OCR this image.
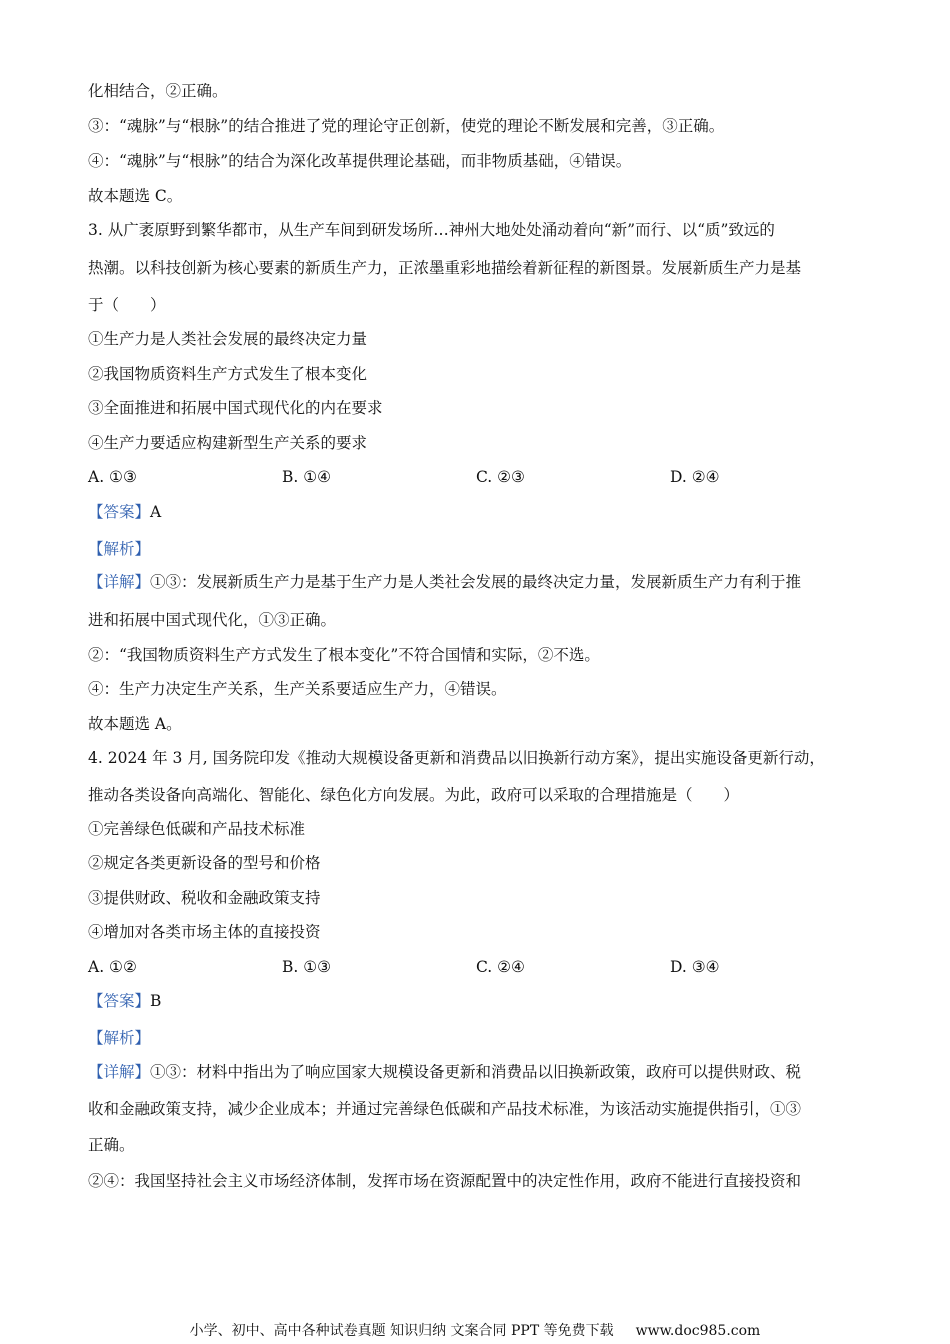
化相结合，②正确。
③：“魂脉”与“根脉”的结合推进了党的理论守正创新，使党的理论不断发展和完善，③正确。
④：“魂脉”与“根脉”的结合为深化改革提供理论基础，而非物质基础，④错误。
故本题选 C。
3. 从广袤原野到繁华都市，从生产车间到研发场所…神州大地处处涌动着向“新”而行、以“质”致远的
热潮。以科技创新为核心要素的新质生产力，正浓墨重彩地描绘着新征程的新图景。发展新质生产力是基
于（　　）
①生产力是人类社会发展的最终决定力量
②我国物质资料生产方式发生了根本变化
③全面推进和拓展中国式现代化的内在要求
④生产力要适应构建新型生产关系的要求
A. ①③	B. ①④	C. ②③	D. ②④
【答案】A
【解析】
【详解】①③：发展新质生产力是基于生产力是人类社会发展的最终决定力量，发展新质生产力有利于推
进和拓展中国式现代化，①③正确。
②：“我国物质资料生产方式发生了根本变化”不符合国情和实际，②不选。
④：生产力决定生产关系，生产关系要适应生产力，④错误。
故本题选 A。
4. 2024 年 3 月, 国务院印发《推动大规模设备更新和消费品以旧换新行动方案》，提出实施设备更新行动，
推动各类设备向高端化、智能化、绿色化方向发展。为此，政府可以采取的合理措施是（　　）
①完善绿色低碳和产品技术标准
②规定各类更新设备的型号和价格
③提供财政、税收和金融政策支持
④增加对各类市场主体的直接投资
A. ①②	B. ①③	C. ②④	D. ③④
【答案】B
【解析】
【详解】①③：材料中指出为了响应国家大规模设备更新和消费品以旧换新政策，政府可以提供财政、税
收和金融政策支持，减少企业成本；并通过完善绿色低碳和产品技术标准，为该活动实施提供指引，①③
正确。
②④：我国坚持社会主义市场经济体制，发挥市场在资源配置中的决定性作用，政府不能进行直接投资和
小学、初中、高中各种试卷真题 知识归纳 文案合同 PPT 等免费下载 www.doc985.com
